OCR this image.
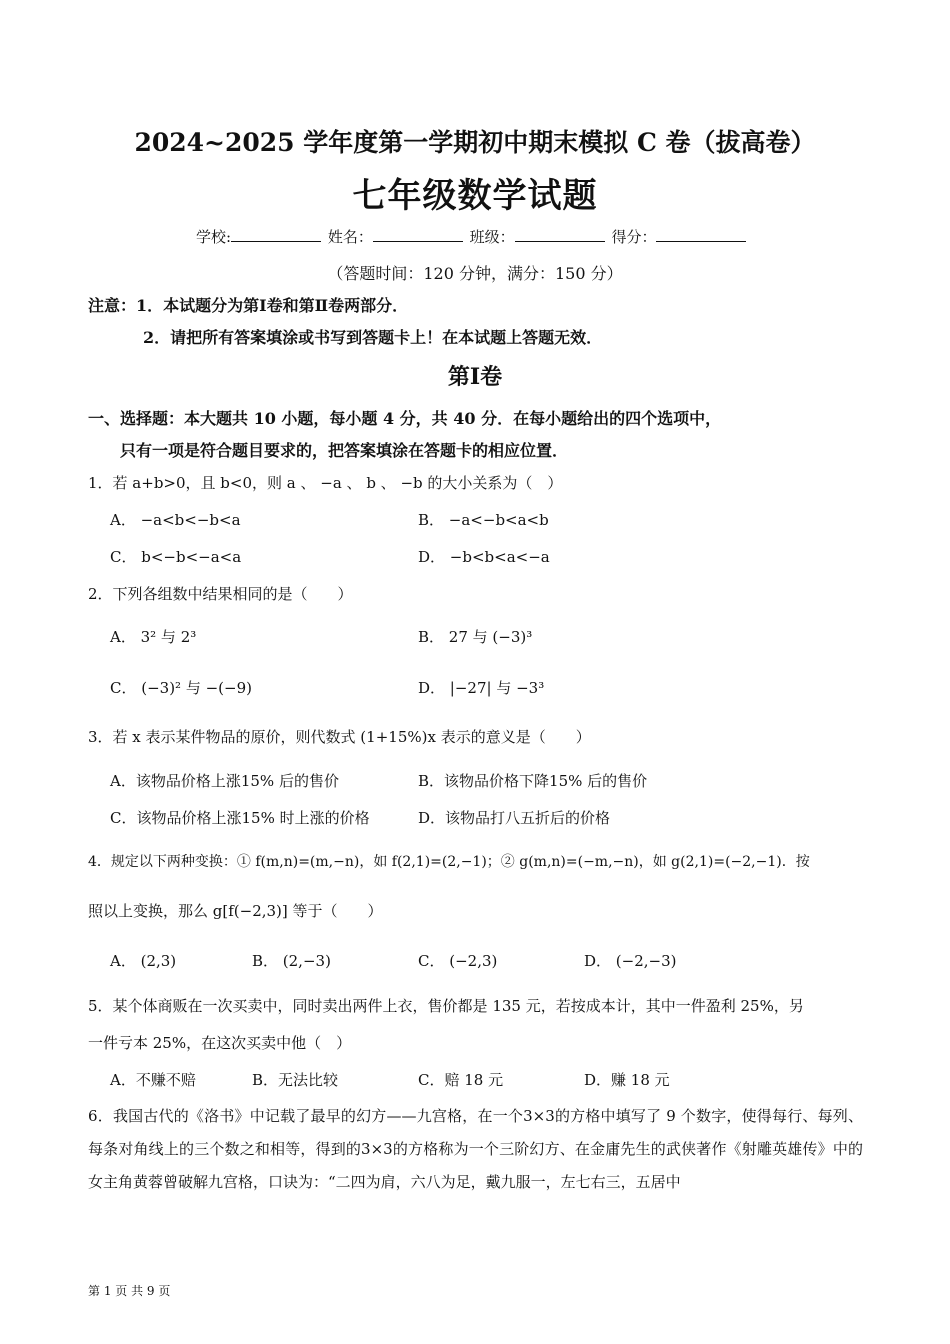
2024~2025 学年度第一学期初中期末模拟 C 卷（拔高卷）
七年级数学试题
学校:	姓名：	班级：	得分：
（答题时间：120 分钟，满分：150 分）
注意：1．本试题分为第Ⅰ卷和第Ⅱ卷两部分．
2．请把所有答案填涂或书写到答题卡上！在本试题上答题无效．
第Ⅰ卷
一、选择题：本大题共 10 小题，每小题 4 分，共 40 分．在每小题给出的四个选项中，
只有一项是符合题目要求的，把答案填涂在答题卡的相应位置．
1．若 a+b>0，且 b<0，则 a 、 −a 、 b 、 −b 的大小关系为（　）
A． −a<b<−b<a	B． −a<−b<a<b
C． b<−b<−a<a	D． −b<b<a<−a
2．下列各组数中结果相同的是（　　）
A． 3² 与 2³	B． 27 与 (−3)³
C． (−3)² 与 −(−9)	D． |−27| 与 −3³
3．若 x 表示某件物品的原价，则代数式 (1+15%)x 表示的意义是（　　）
A．该物品价格上涨15% 后的售价	B．该物品价格下降15% 后的售价
C．该物品价格上涨15% 时上涨的价格	D．该物品打八五折后的价格
4．规定以下两种变换：① f(m,n)=(m,−n)，如 f(2,1)=(2,−1)；② g(m,n)=(−m,−n)，如 g(2,1)=(−2,−1)．按
照以上变换，那么 g[f(−2,3)] 等于（　　）
A． (2,3)	B． (2,−3)	C． (−2,3)	D． (−2,−3)
5．某个体商贩在一次买卖中，同时卖出两件上衣，售价都是 135 元，若按成本计，其中一件盈利 25%，另
一件亏本 25%，在这次买卖中他（　）
A．不赚不赔	B．无法比较	C．赔 18 元	D．赚 18 元
6．我国古代的《洛书》中记载了最早的幻方——九宫格，在一个3×3的方格中填写了 9 个数字，使得每行、每列、每条对角线上的三个数之和相等，得到的3×3的方格称为一个三阶幻方、在金庸先生的武侠著作《射雕英雄传》中的女主角黄蓉曾破解九宫格，口诀为：“二四为肩，六八为足，戴九服一，左七右三，五居中
第 1 页 共 9 页
